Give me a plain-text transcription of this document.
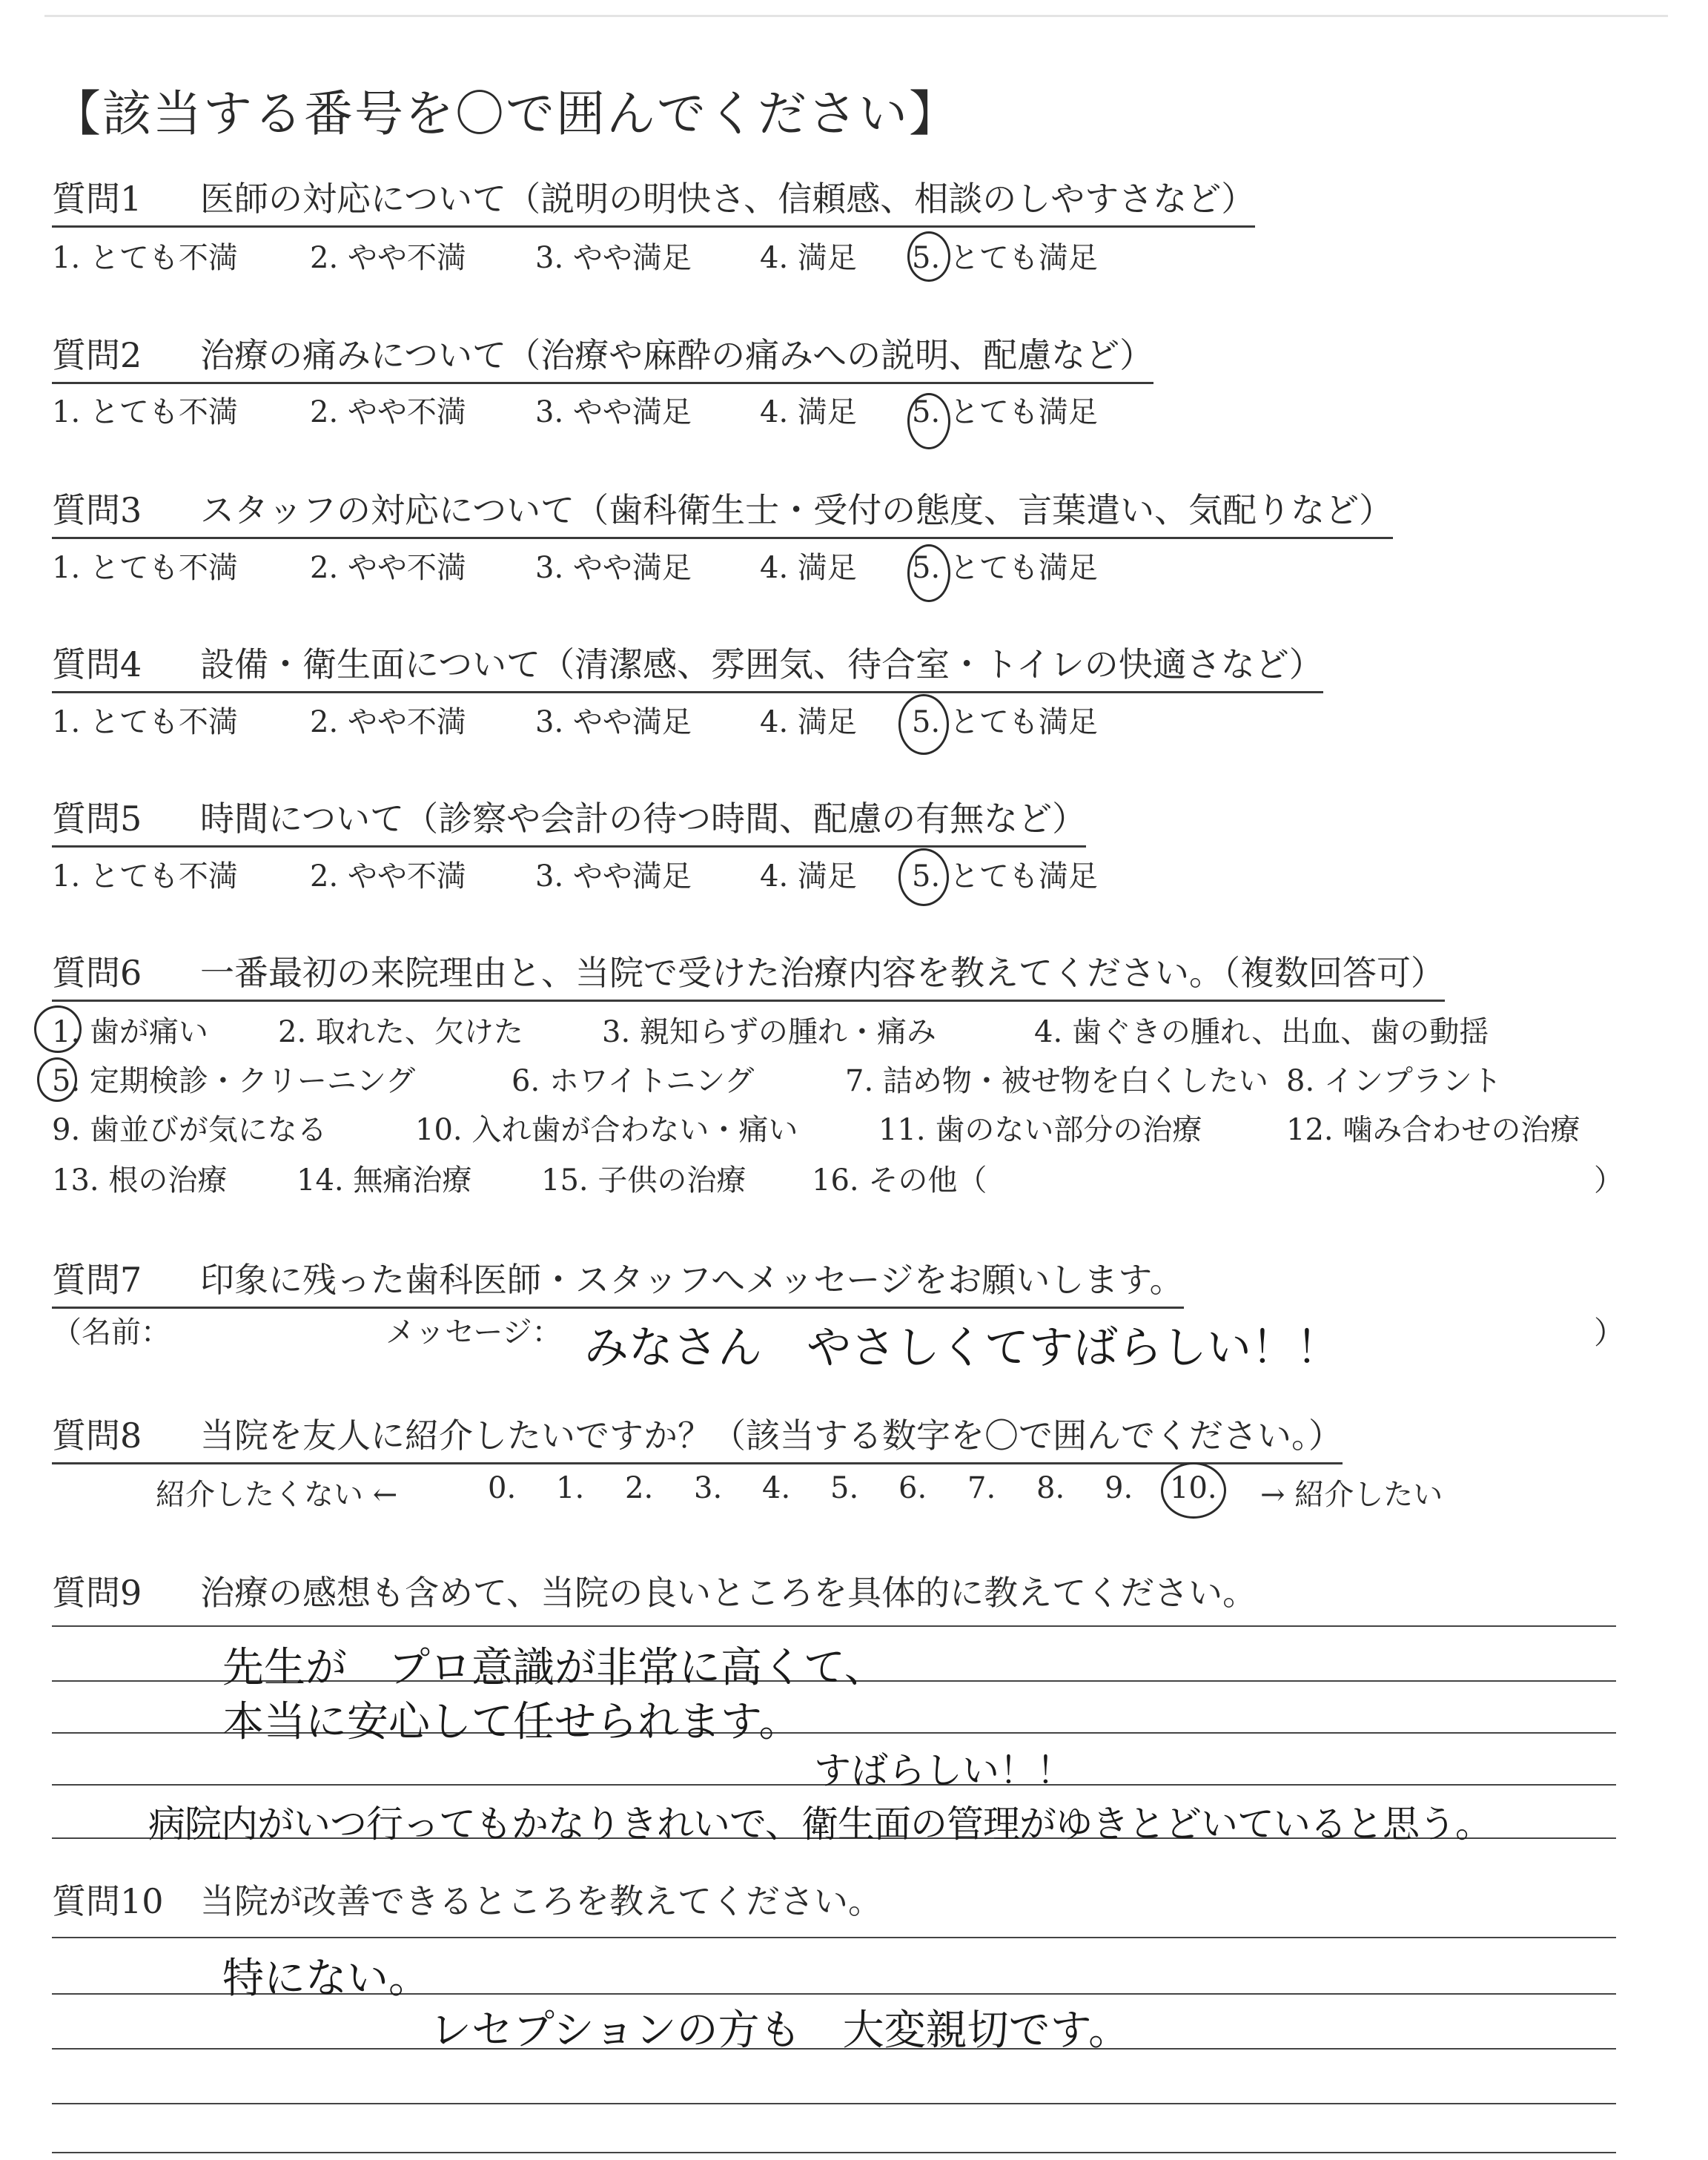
【該当する番号を〇で囲んでください】
質問1 医師の対応について（説明の明快さ、信頼感、相談のしやすさなど）
1. とても不満 2. やや不満 3. やや満足 4. 満足 5. とても満足
質問2 治療の痛みについて（治療や麻酔の痛みへの説明、配慮など）
1. とても不満 2. やや不満 3. やや満足 4. 満足 5. とても満足
質問3 スタッフの対応について（歯科衛生士・受付の態度、言葉遣い、気配りなど）
1. とても不満 2. やや不満 3. やや満足 4. 満足 5. とても満足
質問4 設備・衛生面について（清潔感、雰囲気、待合室・トイレの快適さなど）
1. とても不満 2. やや不満 3. やや満足 4. 満足 5. とても満足
質問5 時間について（診察や会計の待つ時間、配慮の有無など）
1. とても不満 2. やや不満 3. やや満足 4. 満足 5. とても満足
質問6 一番最初の来院理由と、当院で受けた治療内容を教えてください。（複数回答可）
1. 歯が痛い 2. 取れた、欠けた	3. 親知らずの腫れ・痛み	4. 歯ぐきの腫れ、出血、歯の動揺
5. 定期検診・クリーニング	6. ホワイトニング	7. 詰め物・被せ物を白くしたい 8. インプラント
9. 歯並びが気になる	10. 入れ歯が合わない・痛い	11. 歯のない部分の治療	12. 噛み合わせの治療
13. 根の治療 14. 無痛治療 15. 子供の治療 16. その他（	）
質問7 印象に残った歯科医師・スタッフへメッセージをお願いします。
（名前：	メッセージ： みなさん　やさしくてすばらしい！！	）
質問8 当院を友人に紹介したいですか？（該当する数字を〇で囲んでください。）
紹介したくない ←	0. 1. 2. 3. 4. 5. 6. 7. 8. 9. 10. → 紹介したい
質問9 治療の感想も含めて、当院の良いところを具体的に教えてください。
先生が　プロ意識が非常に高くて、
本当に安心して任せられます。
すばらしい！！
病院内がいつ行ってもかなりきれいで、衛生面の管理がゆきとどいていると思う。
質問10 当院が改善できるところを教えてください。
特にない。
レセプションの方も　大変親切です。
